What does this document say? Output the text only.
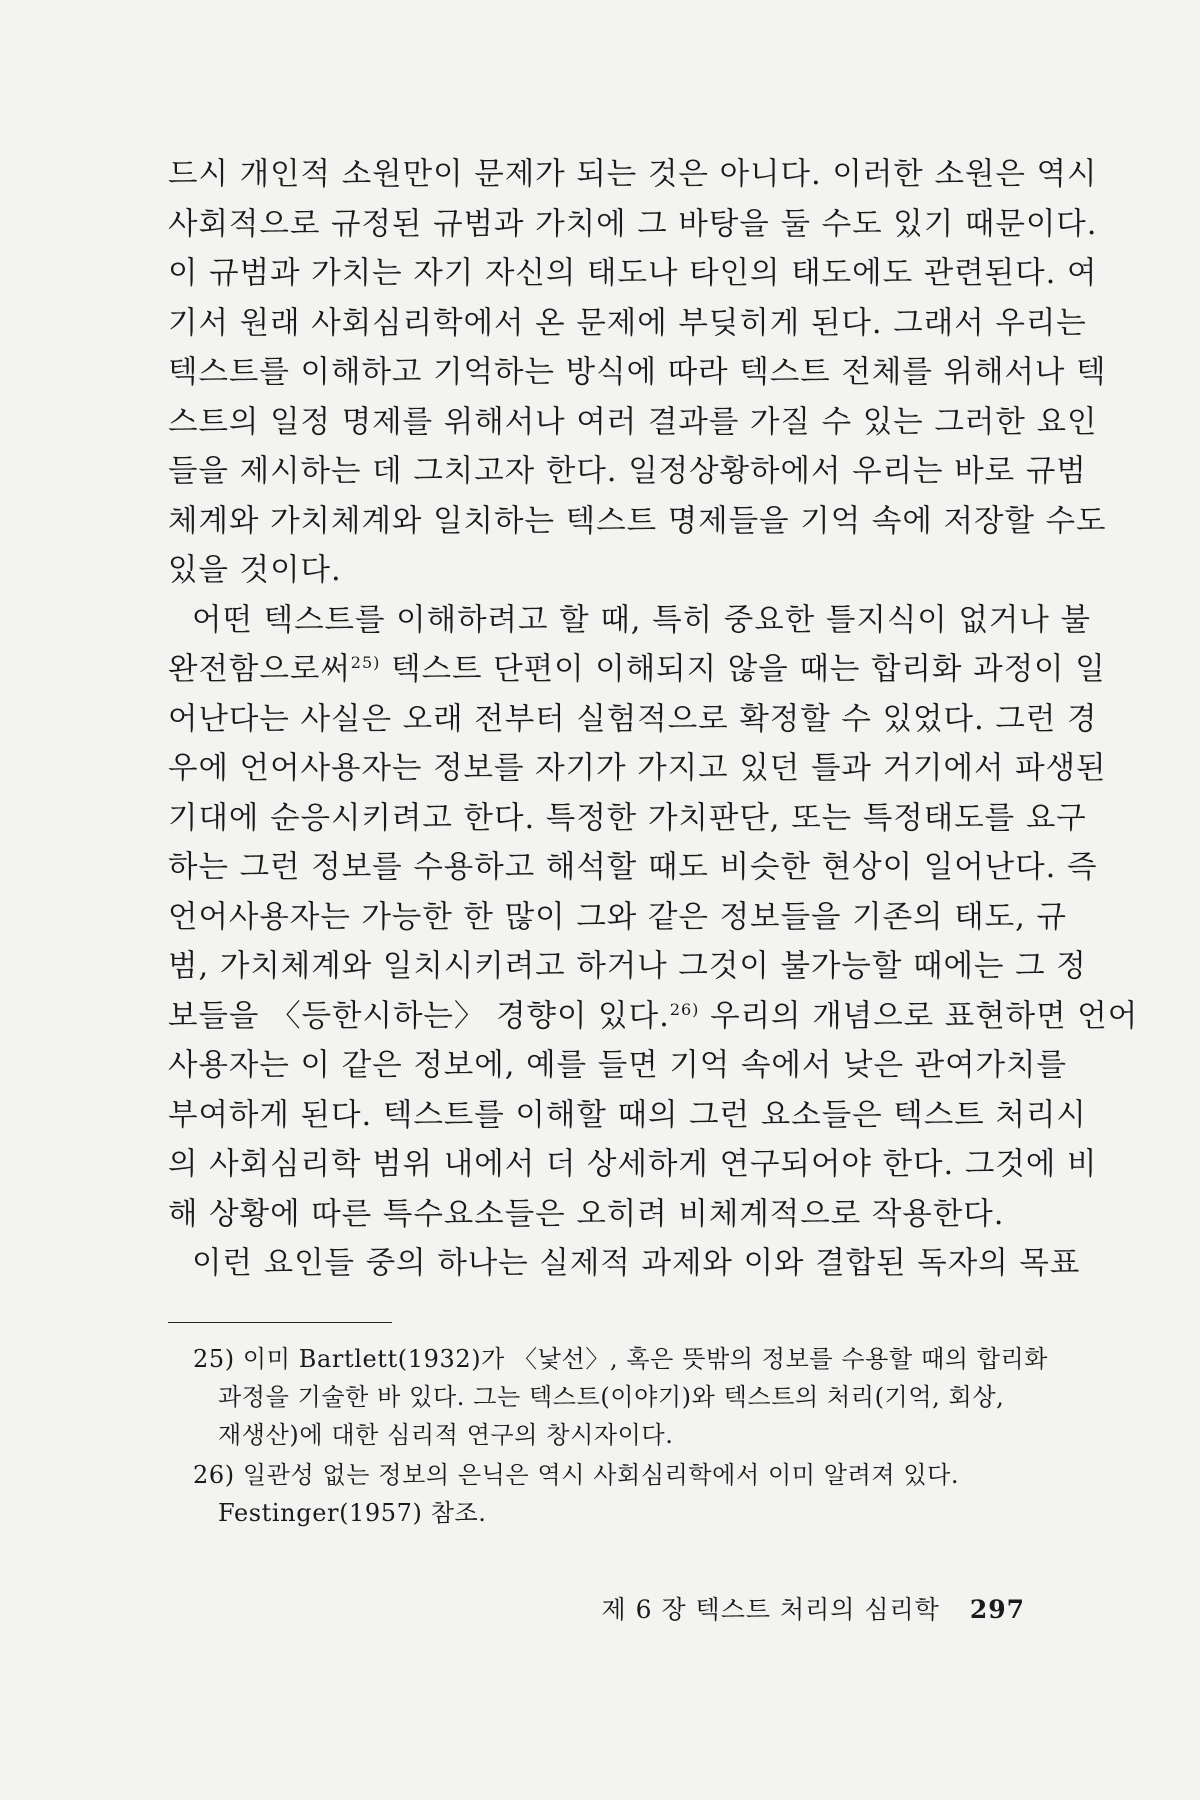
드시 개인적 소원만이 문제가 되는 것은 아니다. 이러한 소원은 역시
사회적으로 규정된 규범과 가치에 그 바탕을 둘 수도 있기 때문이다.
이 규범과 가치는 자기 자신의 태도나 타인의 태도에도 관련된다. 여
기서 원래 사회심리학에서 온 문제에 부딪히게 된다. 그래서 우리는
텍스트를 이해하고 기억하는 방식에 따라 텍스트 전체를 위해서나 텍
스트의 일정 명제를 위해서나 여러 결과를 가질 수 있는 그러한 요인
들을 제시하는 데 그치고자 한다. 일정상황하에서 우리는 바로 규범
체계와 가치체계와 일치하는 텍스트 명제들을 기억 속에 저장할 수도
있을 것이다.

어떤 텍스트를 이해하려고 할 때, 특히 중요한 틀지식이 없거나 불
완전함으로써$^{25)}$ 텍스트 단편이 이해되지 않을 때는 합리화 과정이 일
어난다는 사실은 오래 전부터 실험적으로 확정할 수 있었다. 그런 경
우에 언어사용자는 정보를 자기가 가지고 있던 틀과 거기에서 파생된
기대에 순응시키려고 한다. 특정한 가치판단, 또는 특정태도를 요구
하는 그런 정보를 수용하고 해석할 때도 비슷한 현상이 일어난다. 즉
언어사용자는 가능한 한 많이 그와 같은 정보들을 기존의 태도, 규
범, 가치체계와 일치시키려고 하거나 그것이 불가능할 때에는 그 정
보들을 〈등한시하는〉 경향이 있다.$^{26)}$ 우리의 개념으로 표현하면 언어
사용자는 이 같은 정보에, 예를 들면 기억 속에서 낮은 관여가치를
부여하게 된다. 텍스트를 이해할 때의 그런 요소들은 텍스트 처리시
의 사회심리학 범위 내에서 더 상세하게 연구되어야 한다. 그것에 비
해 상황에 따른 특수요소들은 오히려 비체계적으로 작용한다.

이런 요인들 중의 하나는 실제적 과제와 이와 결합된 독자의 목표

25) 이미 Bartlett(1932)가 〈낯선〉, 혹은 뜻밖의 정보를 수용할 때의 합리화
과정을 기술한 바 있다. 그는 텍스트(이야기)와 텍스트의 처리(기억, 회상,
재생산)에 대한 심리적 연구의 창시자이다.

26) 일관성 없는 정보의 은닉은 역시 사회심리학에서 이미 알려져 있다.
Festinger(1957) 참조.

제 6 장 텍스트 처리의 심리학 297
